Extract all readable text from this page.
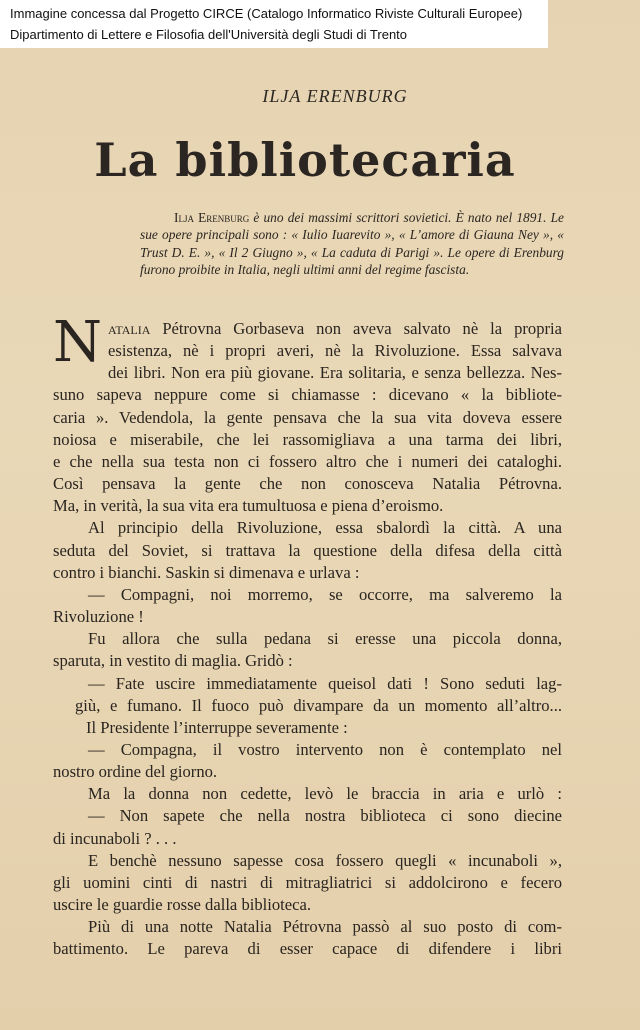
Immagine concessa dal Progetto CIRCE (Catalogo Informatico Riviste Culturali Europee)
Dipartimento di Lettere e Filosofia dell'Università degli Studi di Trento
ILJA ERENBURG
La bibliotecaria

Ilja Erenburg è uno dei massimi scrittori sovietici. È nato nel 1891. Le sue opere principali sono : « Iulio Iuarevito », « L’amore di Giauna Ney », « Trust D. E. », « Il 2 Giugno », « La caduta di Parigi ». Le opere di Erenburg furono proibite in Italia, negli ultimi anni del regime fascista.

N atalia Pétrovna Gorbaseva non aveva salvato nè la propria

esistenza, nè i propri averi, nè la Rivoluzione. Essa salvava

dei libri. Non era più giovane. Era solitaria, e senza bellezza. Nes-

suno sapeva neppure come si chiamasse : dicevano « la bibliote-

caria ». Vedendola, la gente pensava che la sua vita doveva essere

noiosa e miserabile, che lei rassomigliava a una tarma dei libri,

e che nella sua testa non ci fossero altro che i numeri dei cataloghi.

Così pensava la gente che non conosceva Natalia Pétrovna.

Ma, in verità, la sua vita era tumultuosa e piena d’eroismo.

Al principio della Rivoluzione, essa sbalordì la città. A una

seduta del Soviet, si trattava la questione della difesa della città

contro i bianchi. Saskin si dimenava e urlava :

— Compagni, noi morremo, se occorre, ma salveremo la

Rivoluzione !

Fu allora che sulla pedana si eresse una piccola donna,

sparuta, in vestito di maglia. Gridò :

— Fate uscire immediatamente queisol dati ! Sono seduti lag-

giù, e fumano. Il fuoco può divampare da un momento all’altro...

Il Presidente l’interruppe severamente :

— Compagna, il vostro intervento non è contemplato nel

nostro ordine del giorno.

Ma la donna non cedette, levò le braccia in aria e urlò :

— Non sapete che nella nostra biblioteca ci sono diecine

di incunaboli ? . . .

E benchè nessuno sapesse cosa fossero quegli « incunaboli »,

gli uomini cinti di nastri di mitragliatrici si addolcirono e fecero

uscire le guardie rosse dalla biblioteca.

Più di una notte Natalia Pétrovna passò al suo posto di com-

battimento. Le pareva di esser capace di difendere i libri
